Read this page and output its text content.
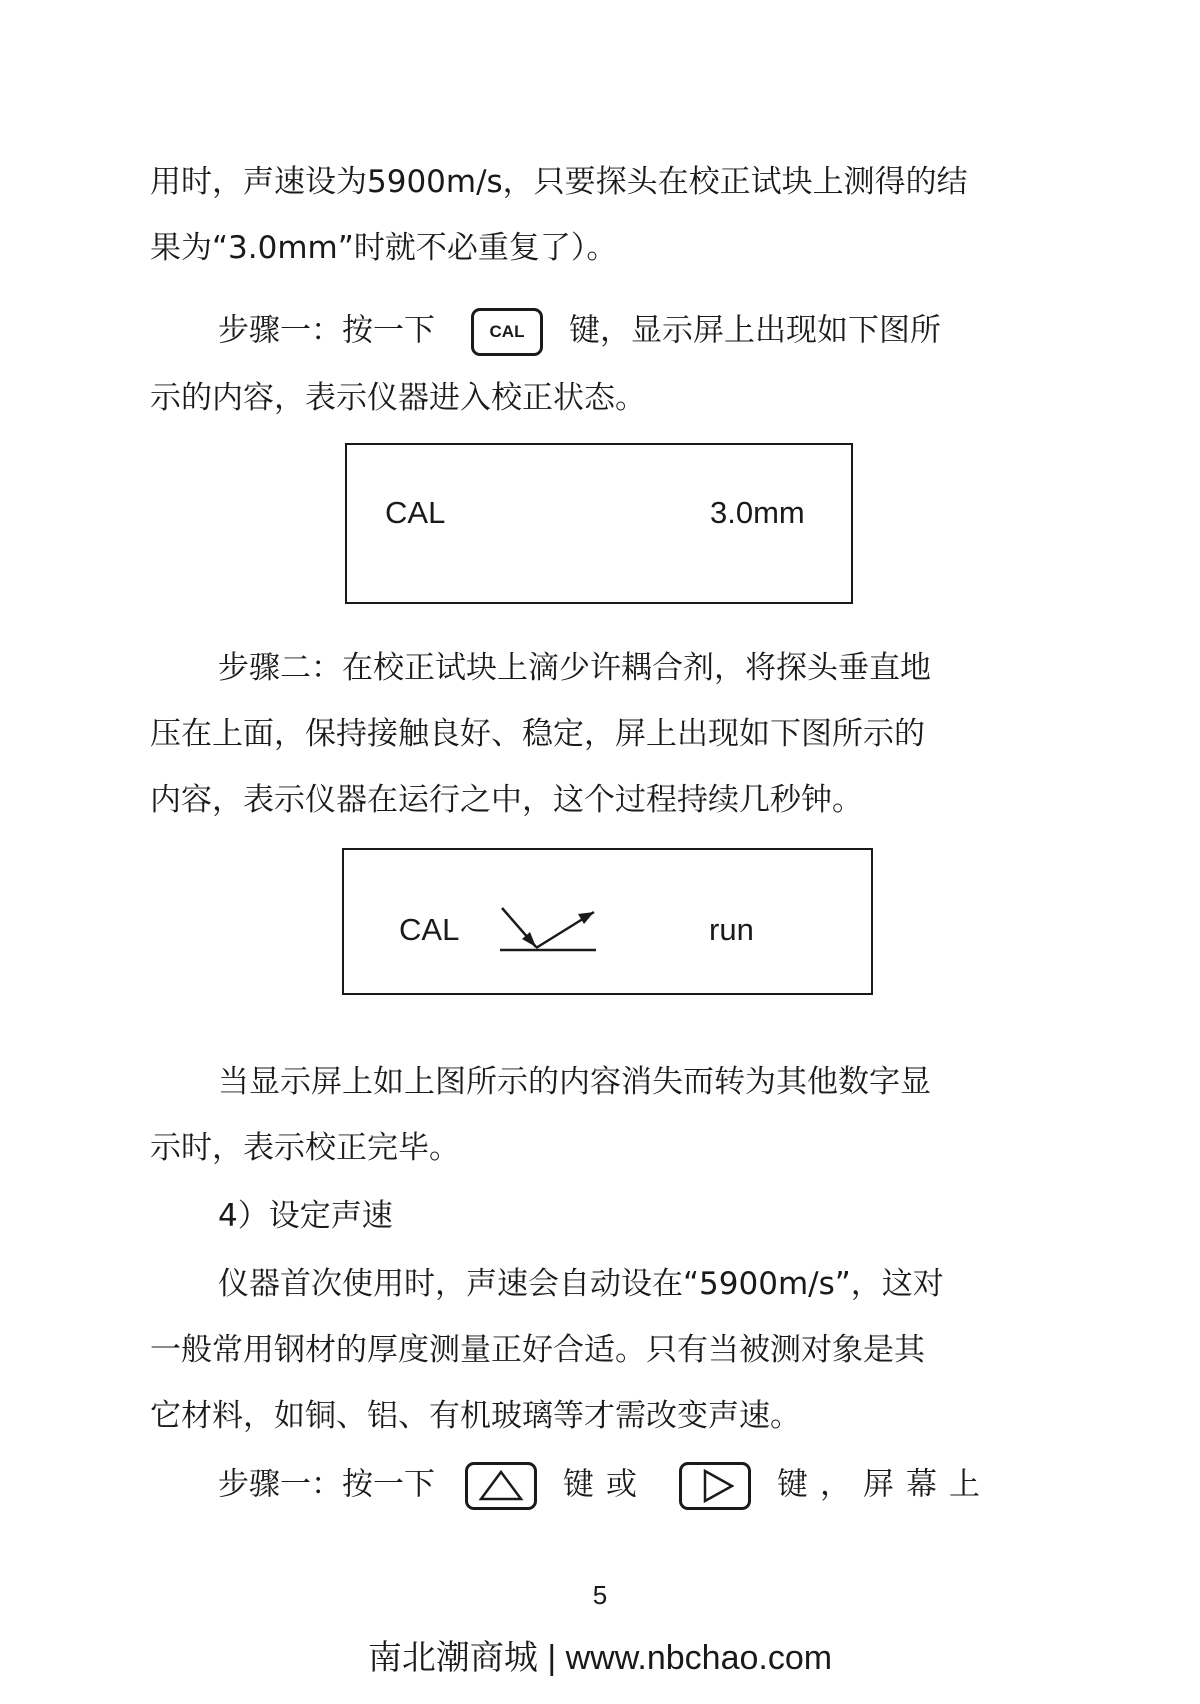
用时，声速设为5900m/s，只要探头在校正试块上测得的结
果为“3.0mm”时就不必重复了）。
步骤一：按一下	CAL 键，显示屏上出现如下图所
示的内容，表示仪器进入校正状态。
CAL	3.0mm
步骤二：在校正试块上滴少许耦合剂，将探头垂直地
压在上面，保持接触良好、稳定，屏上出现如下图所示的
内容，表示仪器在运行之中，这个过程持续几秒钟。
CAL	run
当显示屏上如上图所示的内容消失而转为其他数字显
示时，表示校正完毕。
4）设定声速
仪器首次使用时，声速会自动设在“5900m/s”，这对
一般常用钢材的厚度测量正好合适。只有当被测对象是其
它材料，如铜、铝、有机玻璃等才需改变声速。
步骤一：按一下	键或	键，屏幕上
5
南北潮商城 | www.nbchao.com
